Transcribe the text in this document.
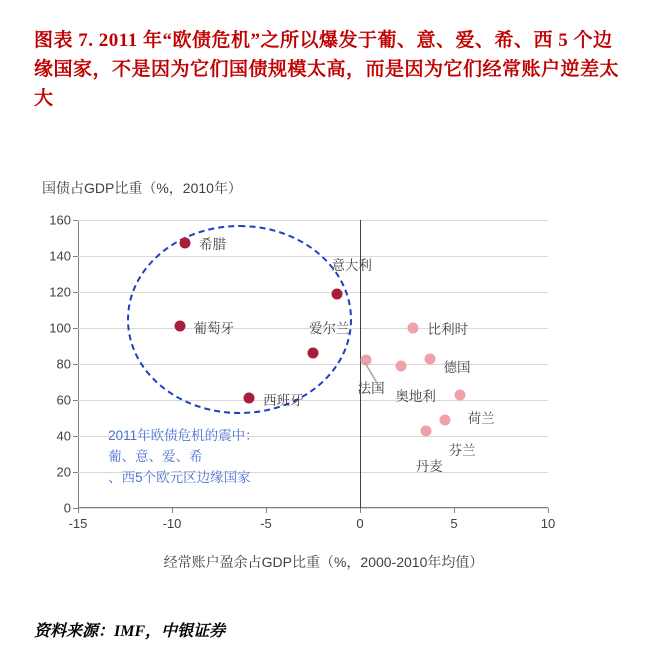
图表 7. 2011 年“欧债危机”之所以爆发于葡、意、爱、希、西 5 个边缘国家，不是因为它们国债规模太高，而是因为它们经常账户逆差太大
国债占GDP比重（%，2010年）
0
20
40
60
80
100
120
140
160
-15	-10	-5	0	5	10
希腊
意大利
葡萄牙	爱尔兰
西班牙
比利时
法国 奥地利
德国
荷兰
芬兰
丹麦
2011年欧债危机的震中：
葡、意、爱、希
、西5个欧元区边缘国家
经常账户盈余占GDP比重（%，2000-2010年均值）
资料来源：IMF，中银证券
